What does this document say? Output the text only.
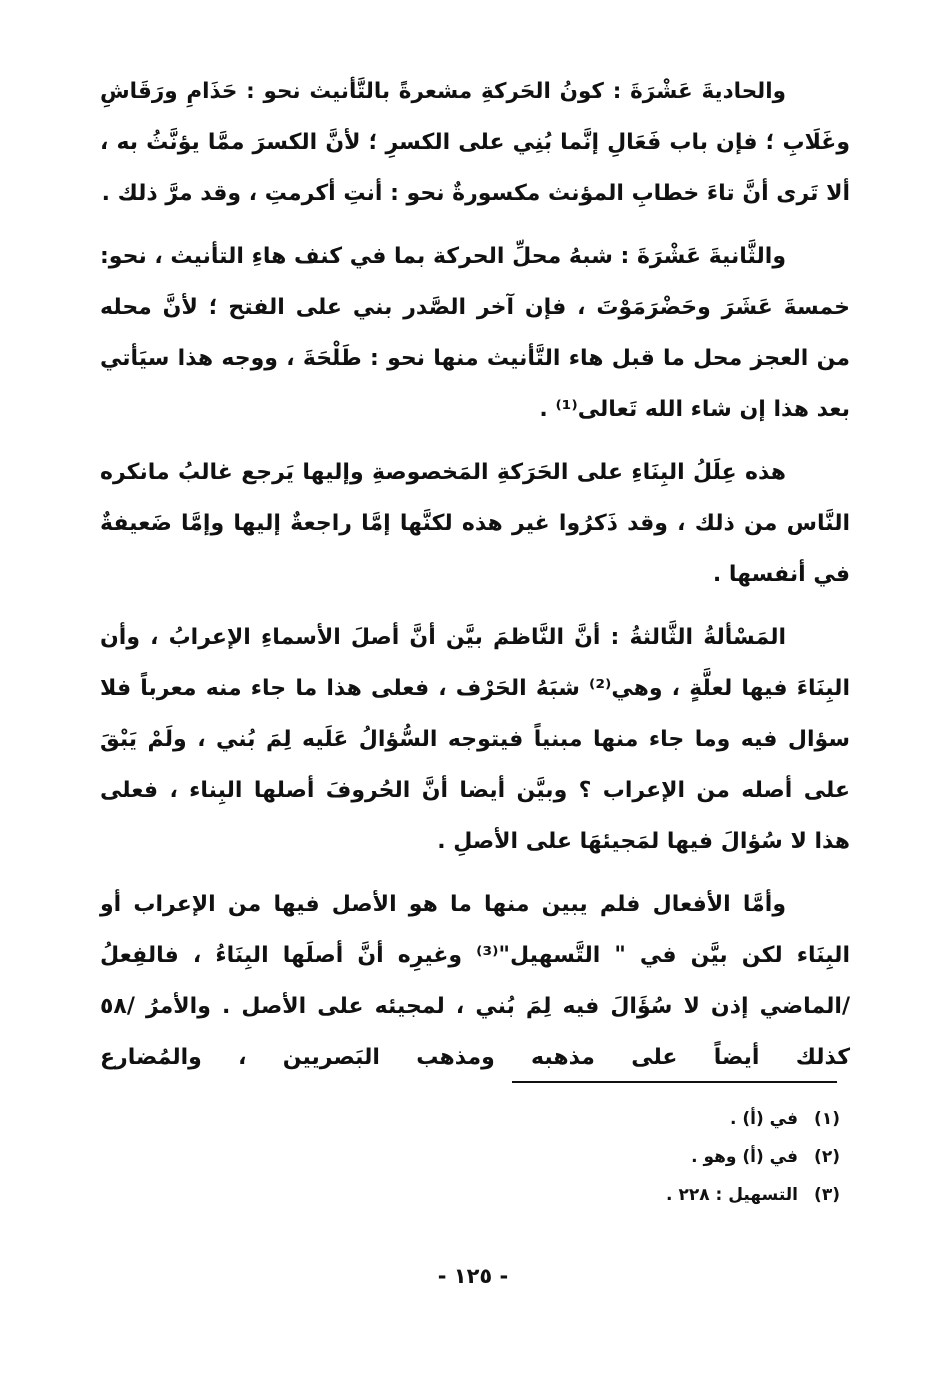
والحاديةَ عَشْرَةَ : كونُ الحَركةِ مشعرةً بالتَّأنيث نحو : حَذَامِ ورَقَاشِ
وغَلَابِ ؛ فإن باب فَعَالِ إنَّما بُنِي على الكسرِ ؛ لأنَّ الكسرَ ممَّا يؤنَّثُ به ،
ألا تَرى أنَّ تاءَ خطابِ المؤنث مكسورةٌ نحو : أنتِ أكرمتِ ، وقد مرَّ ذلك .
والثَّانيةَ عَشْرَةَ : شبهُ محلِّ الحركة بما في كنف هاءِ التأنيث ، نحو:
خمسةَ عَشَرَ وحَضْرَمَوْتَ ، فإن آخر الصَّدر بني على الفتح ؛ لأنَّ محله
من العجز محل ما قبل هاء التَّأنيث منها نحو : طَلْحَةَ ، ووجه هذا سيَأتي
بعد هذا إن شاء الله تَعالى⁽¹⁾ .
هذه عِلَلُ البِنَاءِ على الحَرَكةِ المَخصوصةِ وإليها يَرجع غالبُ مانكره
النَّاس من ذلك ، وقد ذَكرُوا غير هذه لكنَّها إمَّا راجعةٌ إليها وإمَّا ضَعيفةٌ
في أنفسها .
المَسْألةُ الثَّالثةُ : أنَّ النَّاظمَ بيَّن أنَّ أصلَ الأسماءِ الإعرابُ ، وأن
البِنَاءَ فيها لعلَّةٍ ، وهي⁽²⁾ شبَهُ الحَرْف ، فعلى هذا ما جاء منه معرباً فلا
سؤال فيه وما جاء منها مبنياً فيتوجه السُّؤالُ عَلَيه لِمَ بُني ، ولَمْ يَبْقَ
على أصله من الإعراب ؟ وبيَّن أيضا أنَّ الحُروفَ أصلها البِناء ، فعلى
هذا لا سُؤالَ فيها لمَجيئهَا على الأصلِ .
وأمَّا الأفعال فلم يبين منها ما هو الأصل فيها من الإعراب أو
البِنَاء لكن بيَّن في " التَّسهيل"⁽³⁾ وغيرِه أنَّ أصلَها البِنَاءُ ، فالفِعلُ
/الماضي إذن لا سُؤَالَ فيه لِمَ بُني ، لمجيئه على الأصل . والأمرُ /٥٨
كذلك أيضاً على مذهبه ومذهب البَصريين ، والمُضارع
(١)
في (أ) .
(٢)
في (أ) وهو .
(٣)
التسهيل : ٢٢٨ .
- ١٢٥ -
